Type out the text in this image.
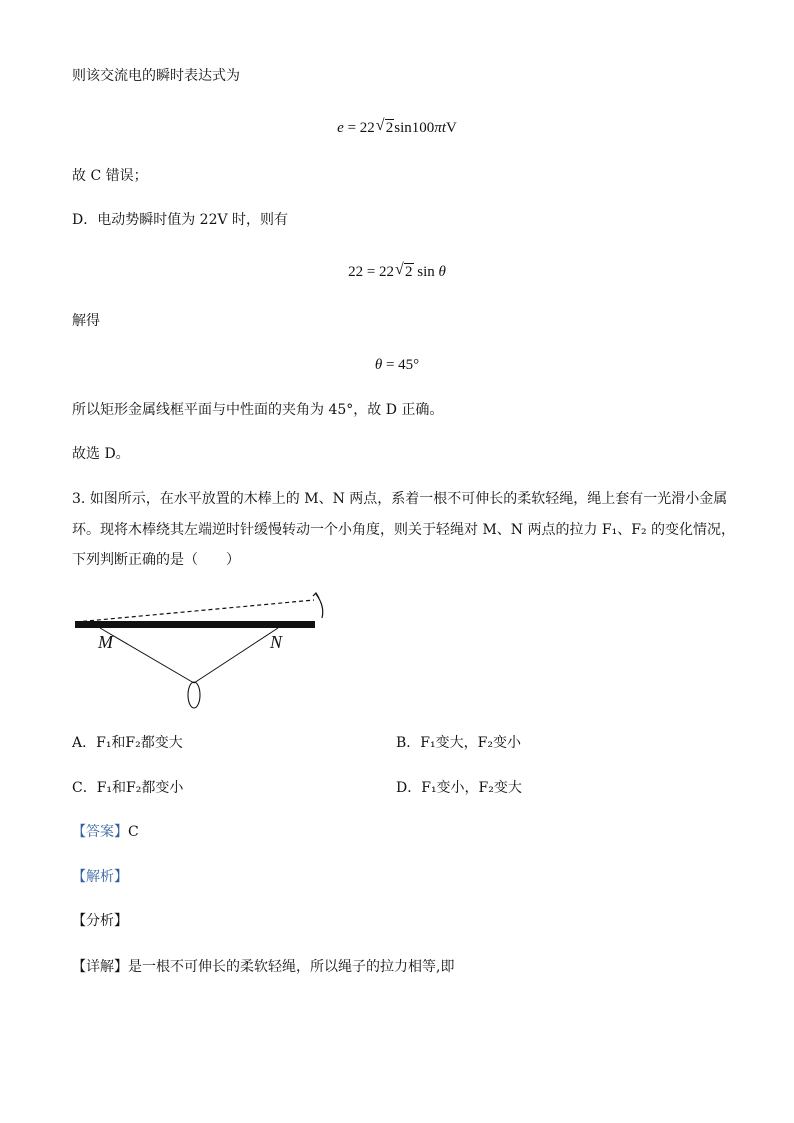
则该交流电的瞬时表达式为
e = 22 √ 2sin100πtV
故 C 错误；
D．电动势瞬时值为 22V 时，则有
22 = 22 √ 2 sin θ
解得
θ = 45°
所以矩形金属线框平面与中性面的夹角为 45°，故 D 正确。
故选 D。
3. 如图所示，在水平放置的木棒上的 M、N 两点，系着一根不可伸长的柔软轻绳，绳上套有一光滑小金属
环。现将木棒绕其左端逆时针缓慢转动一个小角度，则关于轻绳对 M、N 两点的拉力 F₁、F₂ 的变化情况，
下列判断正确的是（　　）
M	N
A．F₁和F₂都变大	B．F₁变大，F₂变小
C．F₁和F₂都变小	D．F₁变小，F₂变大
【答案】C
【解析】
【分析】
【详解】是一根不可伸长的柔软轻绳，所以绳子的拉力相等,即
